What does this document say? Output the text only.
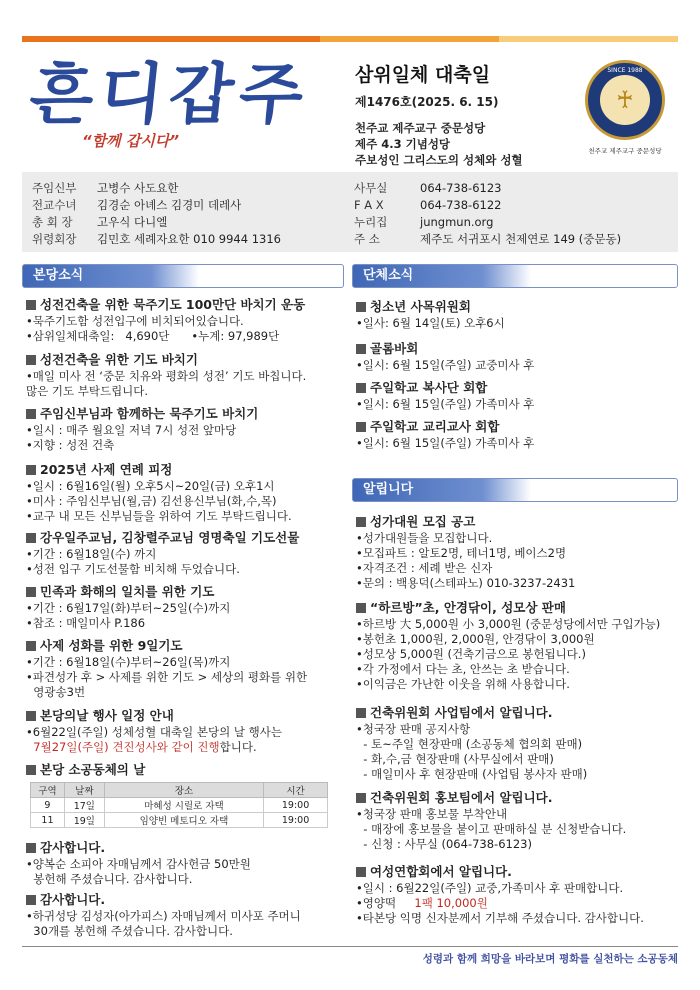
흔디갑주
“함께 갑시다”
삼위일체 대축일
제1476호(2025. 6. 15)
천주교 제주교구 중문성당
제주 4.3 기념성당
주보성인 그리스도의 성체와 성혈
SINCE 1988
♰
천주교 제주교구 중문성당
주임신부	고병수 사도요한
전교수녀	김경순 아녜스 김경미 데레사
총 회 장	고우식 다니엘
위령회장	김민호 세례자요한 010 9944 1316
사무실	064-738-6123
F A X	064-738-6122
누리집	jungmun.org
주 소	제주도 서귀포시 천제연로 149 (중문동)
본당소식	단체소식
알립니다
성전건축을 위한 묵주기도 100만단 바치기 운동
•묵주기도함 성전입구에 비치되어있습니다.
•삼위일체대축일:   4,690단      •누계: 97,989단
성전건축을 위한 기도 바치기
•매일 미사 전 ‘중문 치유와 평화의 성전’ 기도 바칩니다.
많은 기도 부탁드립니다.
주임신부님과 함께하는 묵주기도 바치기
•일시 : 매주 월요일 저녁 7시 성전 앞마당
•지향 : 성전 건축
2025년 사제 연례 피정
•일시 : 6월16일(월) 오후5시~20일(금) 오후1시
•미사 : 주임신부님(월,금) 김선용신부님(화,수,목)
•교구 내 모든 신부님들을 위하여 기도 부탁드립니다.
강우일주교님, 김창렬주교님 영명축일 기도선물
•기간 : 6월18일(수) 까지
•성전 입구 기도선물함 비치해 두었습니다.
민족과 화해의 일치를 위한 기도
•기간 : 6월17일(화)부터~25일(수)까지
•참조 : 매일미사 P.186
사제 성화를 위한 9일기도
•기간 : 6월18일(수)부터~26일(목)까지
•파견성가 후 > 사제를 위한 기도 > 세상의 평화를 위한
영광송3번
본당의날 행사 일정 안내
•6월22일(주일) 성체성혈 대축일 본당의 날 행사는
7월27일(주일) 견진성사와 같이 진행합니다.
본당 소공동체의 날
감사합니다.
•양복순 소피아 자매님께서 감사헌금 50만원
봉헌해 주셨습니다. 감사합니다.
감사합니다.
•하귀성당 김성자(아가피스) 자매님께서 미사포 주머니
30개를 봉헌해 주셨습니다. 감사합니다.
청소년 사목위원회
•일사: 6월 14일(토) 오후6시
골롬바회
•일시: 6월 15일(주일) 교중미사 후
주일학교 복사단 회합
•일시: 6월 15일(주일) 가족미사 후
주일학교 교리교사 회합
•일시: 6월 15일(주일) 가족미사 후
성가대원 모집 공고
•성가대원들을 모집합니다.
•모집파트 : 알토2명, 테너1명, 베이스2명
•자격조건 : 세례 받은 신자
•문의 : 백용덕(스테파노) 010-3237-2431
“하르방”초, 안경닦이, 성모상 판매
•하르방 大 5,000원 小 3,000원 (중문성당에서만 구입가능)
•봉헌초 1,000원, 2,000원, 안경닦이 3,000원
•성모상 5,000원 (건축기금으로 봉헌됩니다.)
•각 가정에서 다는 초, 안쓰는 초 받습니다.
•이익금은 가난한 이웃을 위해 사용합니다.
건축위원회 사업팀에서 알립니다.
•청국장 판매 공지사항
- 토~주일 현장판매 (소공동체 협의회 판매)
- 화,수,금 현장판매 (사무실에서 판매)
- 매일미사 후 현장판매 (사업팀 봉사자 판매)
건축위원회 홍보팀에서 알립니다.
•청국장 판매 홍보물 부착안내
- 매장에 홍보물을 붙이고 판매하실 분 신청받습니다.
- 신청 : 사무실 (064-738-6123)
여성연합회에서 알립니다.
•일시 : 6월22일(주일) 교중,가족미사 후 판매합니다.
•영양떡     1팩 10,000원
•타본당 익명 신자분께서 기부해 주셨습니다. 감사합니다.
구역	날짜	장소	시간
9	17일	마혜성 시릴로 자택	19:00
11	19일	임양빈 메토디오 자택	19:00
성령과 함께 희망을 바라보며 평화를 실천하는 소공동체
